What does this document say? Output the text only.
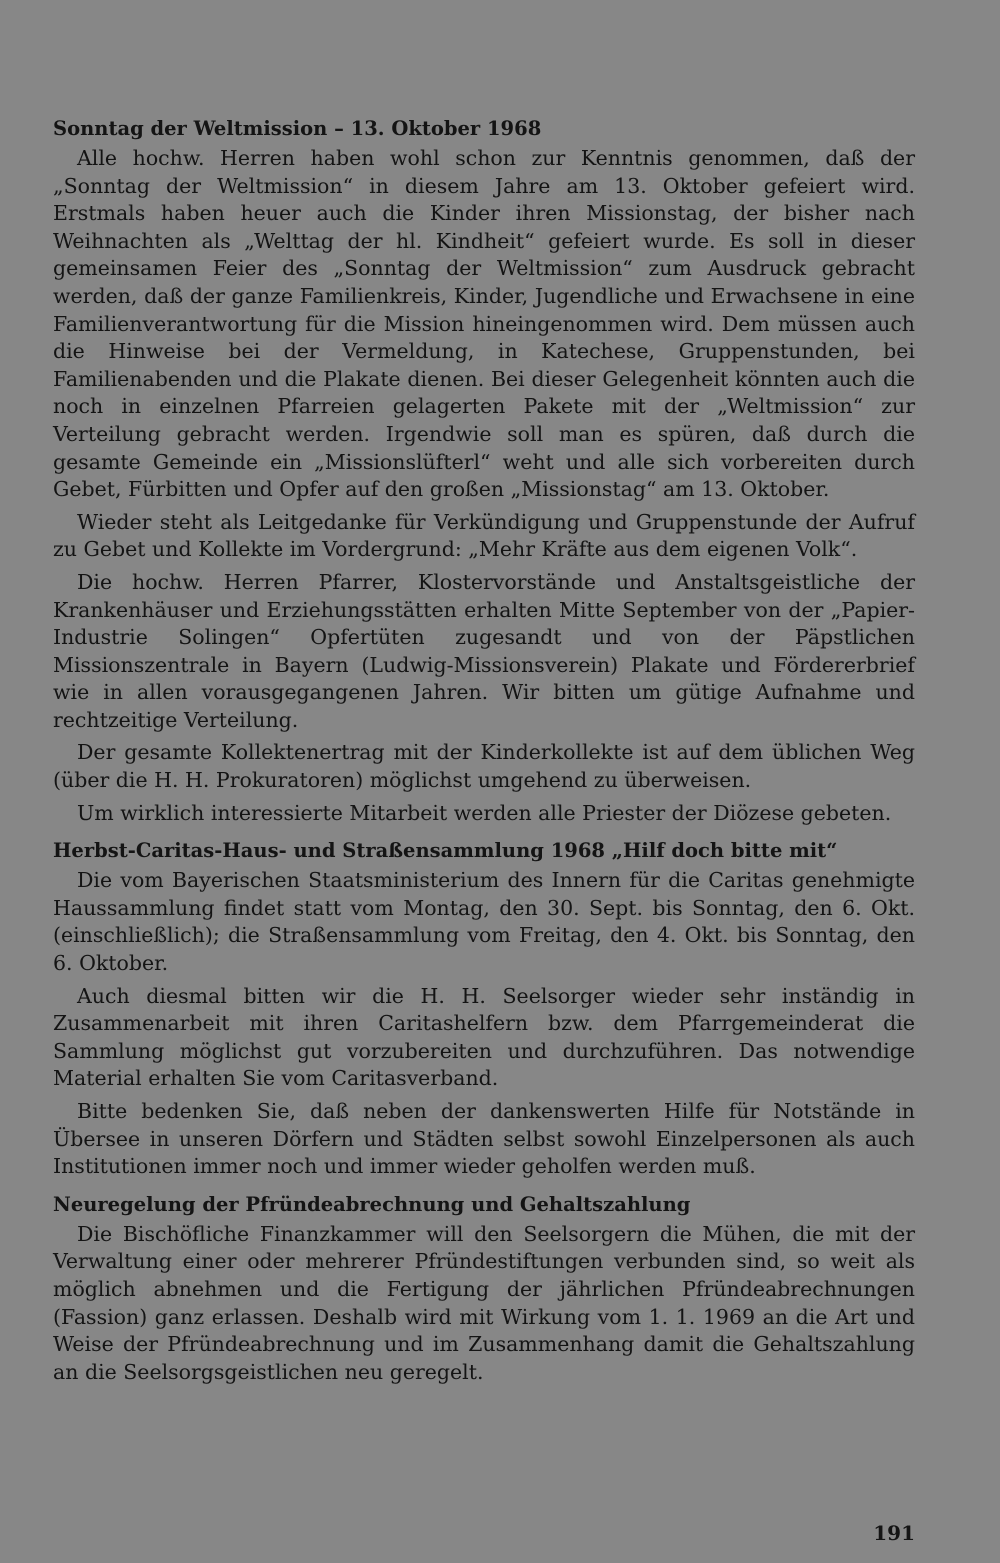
Sonntag der Weltmission – 13. Oktober 1968

Alle hochw. Herren haben wohl schon zur Kenntnis genommen, daß der „Sonntag der Weltmission“ in diesem Jahre am 13. Oktober gefeiert wird. Erstmals haben heuer auch die Kinder ihren Missionstag, der bisher nach Weihnachten als „Welttag der hl. Kindheit“ gefeiert wurde. Es soll in dieser gemeinsamen Feier des „Sonntag der Weltmission“ zum Ausdruck gebracht werden, daß der ganze Familienkreis, Kinder, Jugendliche und Erwachsene in eine Familienverantwortung für die Mission hineingenommen wird. Dem müssen auch die Hinweise bei der Vermeldung, in Katechese, Gruppenstunden, bei Familienabenden und die Plakate dienen. Bei dieser Gelegenheit könnten auch die noch in einzelnen Pfarreien gelagerten Pakete mit der „Weltmission“ zur Verteilung gebracht werden. Irgendwie soll man es spüren, daß durch die gesamte Gemeinde ein „Missionslüfterl“ weht und alle sich vorbereiten durch Gebet, Fürbitten und Opfer auf den großen „Missionstag“ am 13. Oktober.

Wieder steht als Leitgedanke für Verkündigung und Gruppenstunde der Aufruf zu Gebet und Kollekte im Vordergrund: „Mehr Kräfte aus dem eigenen Volk“.

Die hochw. Herren Pfarrer, Klostervorstände und Anstaltsgeistliche der Krankenhäuser und Erziehungsstätten erhalten Mitte September von der „Papier-Industrie Solingen“ Opfertüten zugesandt und von der Päpstlichen Missionszentrale in Bayern (Ludwig-Missionsverein) Plakate und Fördererbrief wie in allen vorausgegangenen Jahren. Wir bitten um gütige Aufnahme und rechtzeitige Verteilung.

Der gesamte Kollektenertrag mit der Kinderkollekte ist auf dem üblichen Weg (über die H. H. Prokuratoren) möglichst umgehend zu überweisen.

Um wirklich interessierte Mitarbeit werden alle Priester der Diözese gebeten.

Herbst-Caritas-Haus- und Straßensammlung 1968 „Hilf doch bitte mit“

Die vom Bayerischen Staatsministerium des Innern für die Caritas genehmigte Haussammlung findet statt vom Montag, den 30. Sept. bis Sonntag, den 6. Okt. (einschließlich); die Straßensammlung vom Freitag, den 4. Okt. bis Sonntag, den 6. Oktober.

Auch diesmal bitten wir die H. H. Seelsorger wieder sehr inständig in Zusammenarbeit mit ihren Caritashelfern bzw. dem Pfarrgemeinderat die Sammlung möglichst gut vorzubereiten und durchzuführen. Das notwendige Material erhalten Sie vom Caritasverband.

Bitte bedenken Sie, daß neben der dankenswerten Hilfe für Notstände in Übersee in unseren Dörfern und Städten selbst sowohl Einzelpersonen als auch Institutionen immer noch und immer wieder geholfen werden muß.

Neuregelung der Pfründeabrechnung und Gehaltszahlung

Die Bischöfliche Finanzkammer will den Seelsorgern die Mühen, die mit der Verwaltung einer oder mehrerer Pfründestiftungen verbunden sind, so weit als möglich abnehmen und die Fertigung der jährlichen Pfründeabrechnungen (Fassion) ganz erlassen. Deshalb wird mit Wirkung vom 1. 1. 1969 an die Art und Weise der Pfründeabrechnung und im Zusammenhang damit die Gehaltszahlung an die Seelsorgsgeistlichen neu geregelt.

191
